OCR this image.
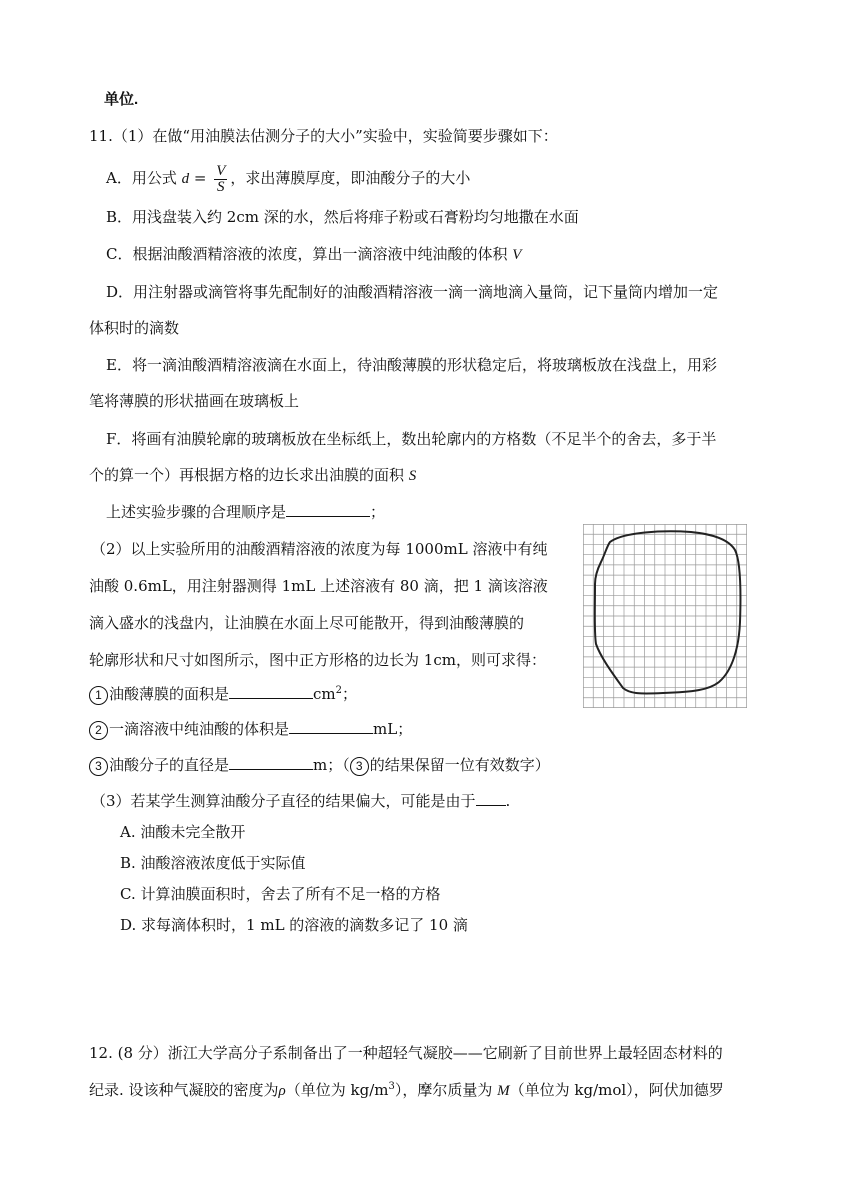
单位.
11.（1）在做“用油膜法估测分子的大小”实验中，实验简要步骤如下：
A．用公式 $d = \frac{V}{S}$ ，求出薄膜厚度，即油酸分子的大小
B．用浅盘装入约 2cm 深的水，然后将痱子粉或石膏粉均匀地撒在水面
C．根据油酸酒精溶液的浓度，算出一滴溶液中纯油酸的体积 V
D．用注射器或滴管将事先配制好的油酸酒精溶液一滴一滴地滴入量筒，记下量筒内增加一定
体积时的滴数
E．将一滴油酸酒精溶液滴在水面上，待油酸薄膜的形状稳定后，将玻璃板放在浅盘上，用彩
笔将薄膜的形状描画在玻璃板上
F．将画有油膜轮廓的玻璃板放在坐标纸上，数出轮廓内的方格数（不足半个的舍去，多于半
个的算一个）再根据方格的边长求出油膜的面积 S
上述实验步骤的合理顺序是	；
（2）以上实验所用的油酸酒精溶液的浓度为每 1000mL 溶液中有纯
油酸 0.6mL，用注射器测得 1mL 上述溶液有 80 滴，把 1 滴该溶液
滴入盛水的浅盘内，让油膜在水面上尽可能散开，得到油酸薄膜的
轮廓形状和尺寸如图所示，图中正方形格的边长为 1cm，则可求得：
1 油酸薄膜的面积是	$cm^2$；
2 一滴溶液中纯油酸的体积是	mL；
3 油酸分子的直径是	m；（ 3 的结果保留一位有效数字）
（3）若某学生测算油酸分子直径的结果偏大，可能是由于 .
A. 油酸未完全散开
B. 油酸溶液浓度低于实际值
C. 计算油膜面积时，舍去了所有不足一格的方格
D. 求每滴体积时，1 mL 的溶液的滴数多记了 10 滴
12. (8 分）浙江大学高分子系制备出了一种超轻气凝胶——它刷新了目前世界上最轻固态材料的
纪录. 设该种气凝胶的密度为ρ（单位为 $kg/m^3$），摩尔质量为 M（单位为 kg/mol），阿伏加德罗
